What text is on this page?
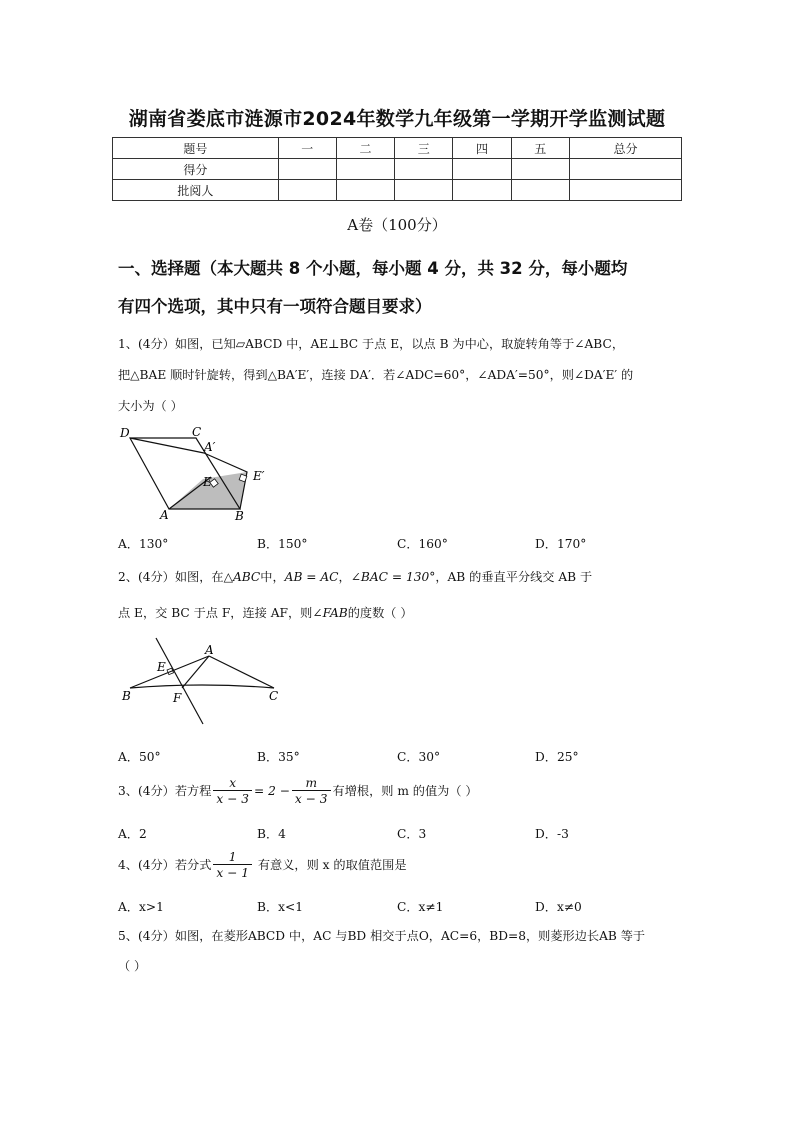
湖南省娄底市涟源市2024年数学九年级第一学期开学监测试题
题号	一	二	三	四	五	总分
得分						
批阅人						
A卷（100分）
一、选择题（本大题共 8 个小题，每小题 4 分，共 32 分，每小题均
有四个选项，其中只有一项符合题目要求）
1、(4分）如图，已知▱ABCD 中，AE⊥BC 于点 E，以点 B 为中心，取旋转角等于∠ABC，
把△BAE 顺时针旋转，得到△BA′E′，连接 DA′．若∠ADC=60°，∠ADA′=50°，则∠DA′E′ 的
大小为（ ）
D	C
A′
E′
E
A	B
A．130°	B．150°	C．160°	D．170°
2、(4分）如图，在△ABC中，AB = AC，∠BAC = 130°，AB 的垂直平分线交 AB 于
点 E，交 BC 于点 F，连接 AF，则∠FAB的度数（ ）
A
B	C
E
F
A．50°	B．35°	C．30°	D．25°
3、(4分）若方程 $\frac{x}{x - 3} = 2 - \frac{m}{x - 3}$ 有增根，则 m 的值为（ ）
A．2	B．4	C．3	D．-3
4、(4分）若分式 $\frac{1}{x - 1}$ 有意义，则 x 的取值范围是
A．x>1	B．x<1	C．x≠1	D．x≠0
5、(4分）如图，在菱形ABCD 中，AC 与BD 相交于点O，AC=6，BD=8，则菱形边长AB 等于
（ ）
